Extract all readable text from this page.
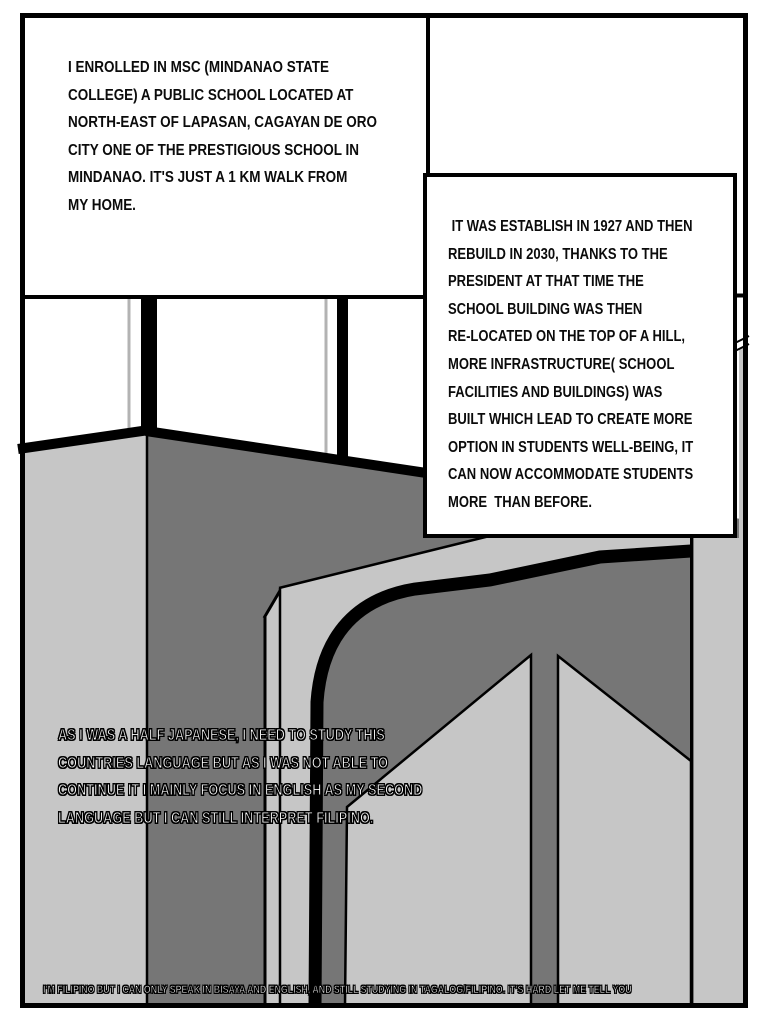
I ENROLLED IN MSC (MINDANAO STATE
COLLEGE) A PUBLIC SCHOOL LOCATED AT
NORTH-EAST OF LAPASAN, CAGAYAN DE ORO
CITY ONE OF THE PRESTIGIOUS SCHOOL IN
MINDANAO. IT'S JUST A 1 KM WALK FROM
MY HOME.
IT WAS ESTABLISH IN 1927 AND THEN
REBUILD IN 2030, THANKS TO THE
PRESIDENT AT THAT TIME THE
SCHOOL BUILDING WAS THEN
RE-LOCATED ON THE TOP OF A HILL,
MORE INFRASTRUCTURE( SCHOOL
FACILITIES AND BUILDINGS) WAS
BUILT WHICH LEAD TO CREATE MORE
OPTION IN STUDENTS WELL-BEING, IT
CAN NOW ACCOMMODATE STUDENTS
MORE  THAN BEFORE.
AS I WAS A HALF JAPANESE, I NEED TO STUDY THIS
COUNTRIES LANGUAGE BUT AS I WAS NOT ABLE TO
CONTINUE IT I MAINLY FOCUS IN ENGLISH AS MY SECOND
LANGUAGE BUT I CAN STILL INTERPRET FILIPINO.
I'M FILIPINO BUT I CAN ONLY SPEAK IN BISAYA AND ENGLISH, AND STILL STUDYING IN TAGALOG/FILIPINO. IT'S HARD LET ME TELL YOU
